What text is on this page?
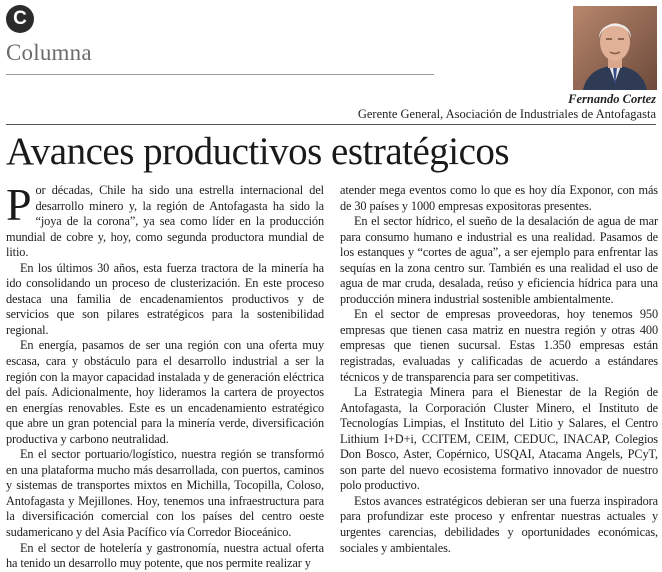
C
Columna
Fernando Cortez
Gerente General, Asociación de Industriales de Antofagasta
Avances productivos estratégicos

Por décadas, Chile ha sido una estrella internacional del desarrollo minero y, la región de Antofagasta ha sido la “joya de la corona”, ya sea como líder en la producción mundial de cobre y, hoy, como segunda productora mundial de litio.

En los últimos 30 años, esta fuerza tractora de la minería ha ido consolidando un proceso de clusterización. En este proceso destaca una familia de encadenamientos productivos y de servicios que son pilares estratégicos para la sostenibilidad regional.

En energía, pasamos de ser una región con una oferta muy escasa, cara y obstáculo para el desarrollo industrial a ser la región con la mayor capacidad instalada y de generación eléctrica del país. Adicionalmente, hoy lideramos la cartera de proyectos en energías renovables. Este es un encadenamiento estratégico que abre un gran potencial para la minería verde, diversificación productiva y carbono neutralidad.

En el sector portuario/logístico, nuestra región se transformó en una plataforma mucho más desarrollada, con puertos, caminos y sistemas de transportes mixtos en Michilla, Tocopilla, Coloso, Antofagasta y Mejillones. Hoy, tenemos una infraestructura para la diversificación comercial con los países del centro oeste sudamericano y del Asia Pacífico vía Corredor Bioceánico.

En el sector de hotelería y gastronomía, nuestra actual oferta ha tenido un desarrollo muy potente, que nos permite realizar y

atender mega eventos como lo que es hoy día Exponor, con más de 30 países y 1000 empresas expositoras presentes.

En el sector hídrico, el sueño de la desalación de agua de mar para consumo humano e industrial es una realidad. Pasamos de los estanques y “cortes de agua”, a ser ejemplo para enfrentar las sequías en la zona centro sur. También es una realidad el uso de agua de mar cruda, desalada, reúso y eficiencia hídrica para una producción minera industrial sostenible ambientalmente.

En el sector de empresas proveedoras, hoy tenemos 950 empresas que tienen casa matriz en nuestra región y otras 400 empresas que tienen sucursal. Estas 1.350 empresas están registradas, evaluadas y calificadas de acuerdo a estándares técnicos y de transparencia para ser competitivas.

La Estrategia Minera para el Bienestar de la Región de Antofagasta, la Corporación Cluster Minero, el Instituto de Tecnologías Limpias, el Instituto del Litio y Salares, el Centro Lithium I+D+i, CCITEM, CEIM, CEDUC, INACAP, Colegios Don Bosco, Aster, Copérnico, USQAI, Atacama Angels, PCyT, son parte del nuevo ecosistema formativo innovador de nuestro polo productivo.

Estos avances estratégicos debieran ser una fuerza inspiradora para profundizar este proceso y enfrentar nuestras actuales y urgentes carencias, debilidades y oportunidades económicas, sociales y ambientales.
